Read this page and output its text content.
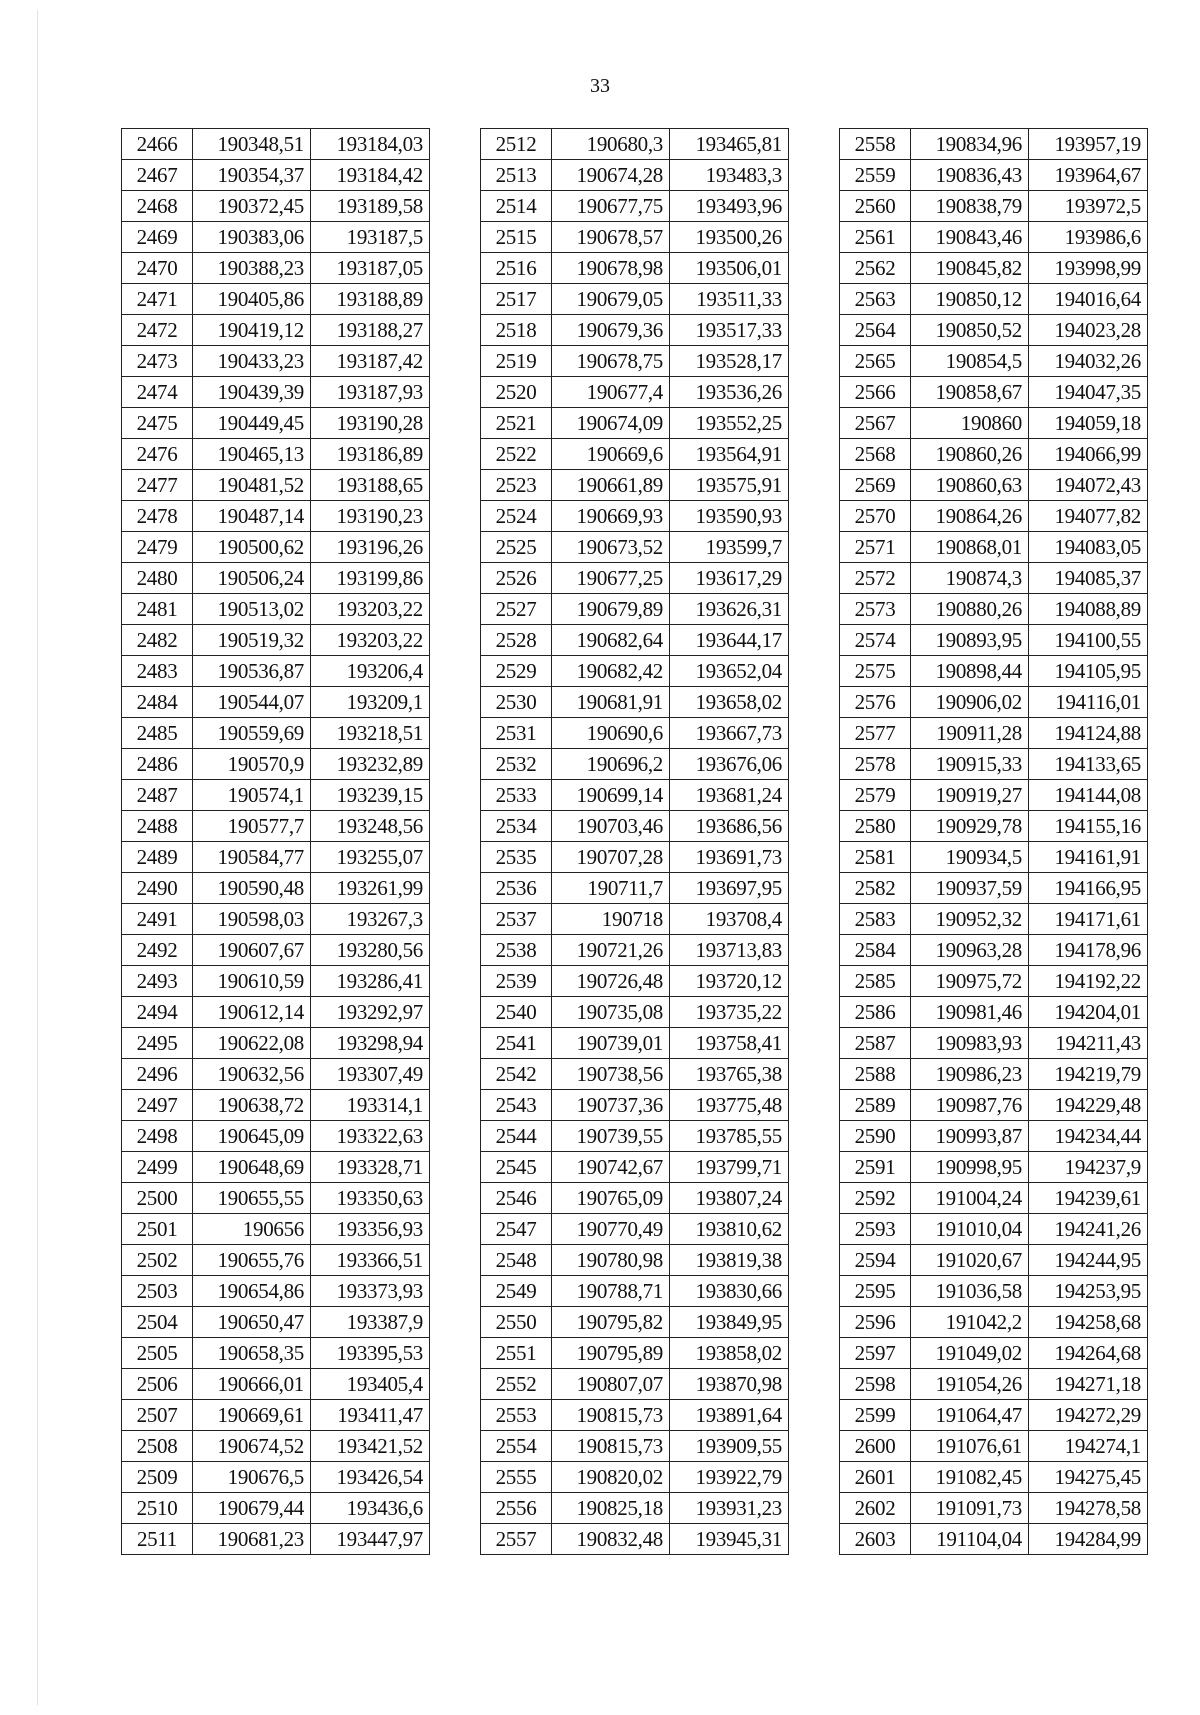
33
2466	190348,51	193184,03
2467	190354,37	193184,42
2468	190372,45	193189,58
2469	190383,06	193187,5
2470	190388,23	193187,05
2471	190405,86	193188,89
2472	190419,12	193188,27
2473	190433,23	193187,42
2474	190439,39	193187,93
2475	190449,45	193190,28
2476	190465,13	193186,89
2477	190481,52	193188,65
2478	190487,14	193190,23
2479	190500,62	193196,26
2480	190506,24	193199,86
2481	190513,02	193203,22
2482	190519,32	193203,22
2483	190536,87	193206,4
2484	190544,07	193209,1
2485	190559,69	193218,51
2486	190570,9	193232,89
2487	190574,1	193239,15
2488	190577,7	193248,56
2489	190584,77	193255,07
2490	190590,48	193261,99
2491	190598,03	193267,3
2492	190607,67	193280,56
2493	190610,59	193286,41
2494	190612,14	193292,97
2495	190622,08	193298,94
2496	190632,56	193307,49
2497	190638,72	193314,1
2498	190645,09	193322,63
2499	190648,69	193328,71
2500	190655,55	193350,63
2501	190656	193356,93
2502	190655,76	193366,51
2503	190654,86	193373,93
2504	190650,47	193387,9
2505	190658,35	193395,53
2506	190666,01	193405,4
2507	190669,61	193411,47
2508	190674,52	193421,52
2509	190676,5	193426,54
2510	190679,44	193436,6
2511	190681,23	193447,97
2512	190680,3	193465,81
2513	190674,28	193483,3
2514	190677,75	193493,96
2515	190678,57	193500,26
2516	190678,98	193506,01
2517	190679,05	193511,33
2518	190679,36	193517,33
2519	190678,75	193528,17
2520	190677,4	193536,26
2521	190674,09	193552,25
2522	190669,6	193564,91
2523	190661,89	193575,91
2524	190669,93	193590,93
2525	190673,52	193599,7
2526	190677,25	193617,29
2527	190679,89	193626,31
2528	190682,64	193644,17
2529	190682,42	193652,04
2530	190681,91	193658,02
2531	190690,6	193667,73
2532	190696,2	193676,06
2533	190699,14	193681,24
2534	190703,46	193686,56
2535	190707,28	193691,73
2536	190711,7	193697,95
2537	190718	193708,4
2538	190721,26	193713,83
2539	190726,48	193720,12
2540	190735,08	193735,22
2541	190739,01	193758,41
2542	190738,56	193765,38
2543	190737,36	193775,48
2544	190739,55	193785,55
2545	190742,67	193799,71
2546	190765,09	193807,24
2547	190770,49	193810,62
2548	190780,98	193819,38
2549	190788,71	193830,66
2550	190795,82	193849,95
2551	190795,89	193858,02
2552	190807,07	193870,98
2553	190815,73	193891,64
2554	190815,73	193909,55
2555	190820,02	193922,79
2556	190825,18	193931,23
2557	190832,48	193945,31
2558	190834,96	193957,19
2559	190836,43	193964,67
2560	190838,79	193972,5
2561	190843,46	193986,6
2562	190845,82	193998,99
2563	190850,12	194016,64
2564	190850,52	194023,28
2565	190854,5	194032,26
2566	190858,67	194047,35
2567	190860	194059,18
2568	190860,26	194066,99
2569	190860,63	194072,43
2570	190864,26	194077,82
2571	190868,01	194083,05
2572	190874,3	194085,37
2573	190880,26	194088,89
2574	190893,95	194100,55
2575	190898,44	194105,95
2576	190906,02	194116,01
2577	190911,28	194124,88
2578	190915,33	194133,65
2579	190919,27	194144,08
2580	190929,78	194155,16
2581	190934,5	194161,91
2582	190937,59	194166,95
2583	190952,32	194171,61
2584	190963,28	194178,96
2585	190975,72	194192,22
2586	190981,46	194204,01
2587	190983,93	194211,43
2588	190986,23	194219,79
2589	190987,76	194229,48
2590	190993,87	194234,44
2591	190998,95	194237,9
2592	191004,24	194239,61
2593	191010,04	194241,26
2594	191020,67	194244,95
2595	191036,58	194253,95
2596	191042,2	194258,68
2597	191049,02	194264,68
2598	191054,26	194271,18
2599	191064,47	194272,29
2600	191076,61	194274,1
2601	191082,45	194275,45
2602	191091,73	194278,58
2603	191104,04	194284,99
